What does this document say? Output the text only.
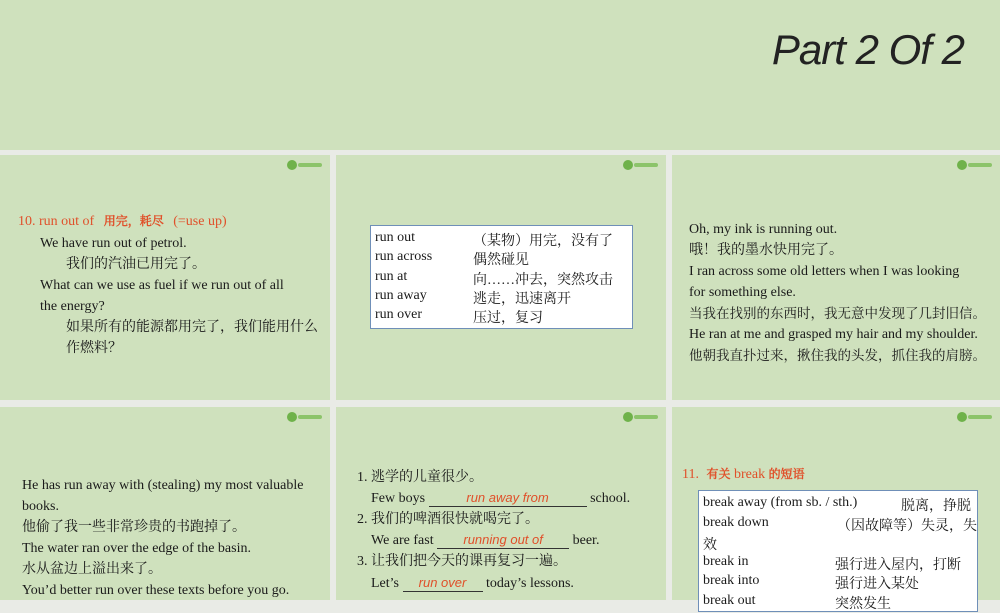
Part 2 Of 2
10. run out of 用完，耗尽 (=use up)
We have run out of petrol.
我们的汽油已用完了。
What can we use as fuel if we run out of all
the energy?
如果所有的能源都用完了，我们能用什么
作燃料？
run out	（某物）用完，没有了
run across	偶然碰见
run at	向……冲去，突然攻击
run away	逃走，迅速离开
run over	压过，复习
Oh, my ink is running out.
哦！我的墨水快用完了。
I ran across some old letters when I was looking
for something else.
当我在找别的东西时，我无意中发现了几封旧信。
He ran at me and grasped my hair and my shoulder.
他朝我直扑过来，揪住我的头发，抓住我的肩膀。
He has run away with (stealing) my most valuable
books.
他偷了我一些非常珍贵的书跑掉了。
The water ran over the edge of the basin.
水从盆边上溢出来了。
You’d better run over these texts before you go.
1. 逃学的儿童很少。
Few boys	run away from	school.
2. 我们的啤酒很快就喝完了。
We are fast running out of beer.
3. 让我们把今天的课再复习一遍。
Let’s run over today’s lessons.
11. 有关 break 的短语
break away (from sb. / sth.)	脱离，挣脱
break down	（因故障等）失灵，失
效
break in	强行进入屋内，打断
break into	强行进入某处
break out	突然发生
